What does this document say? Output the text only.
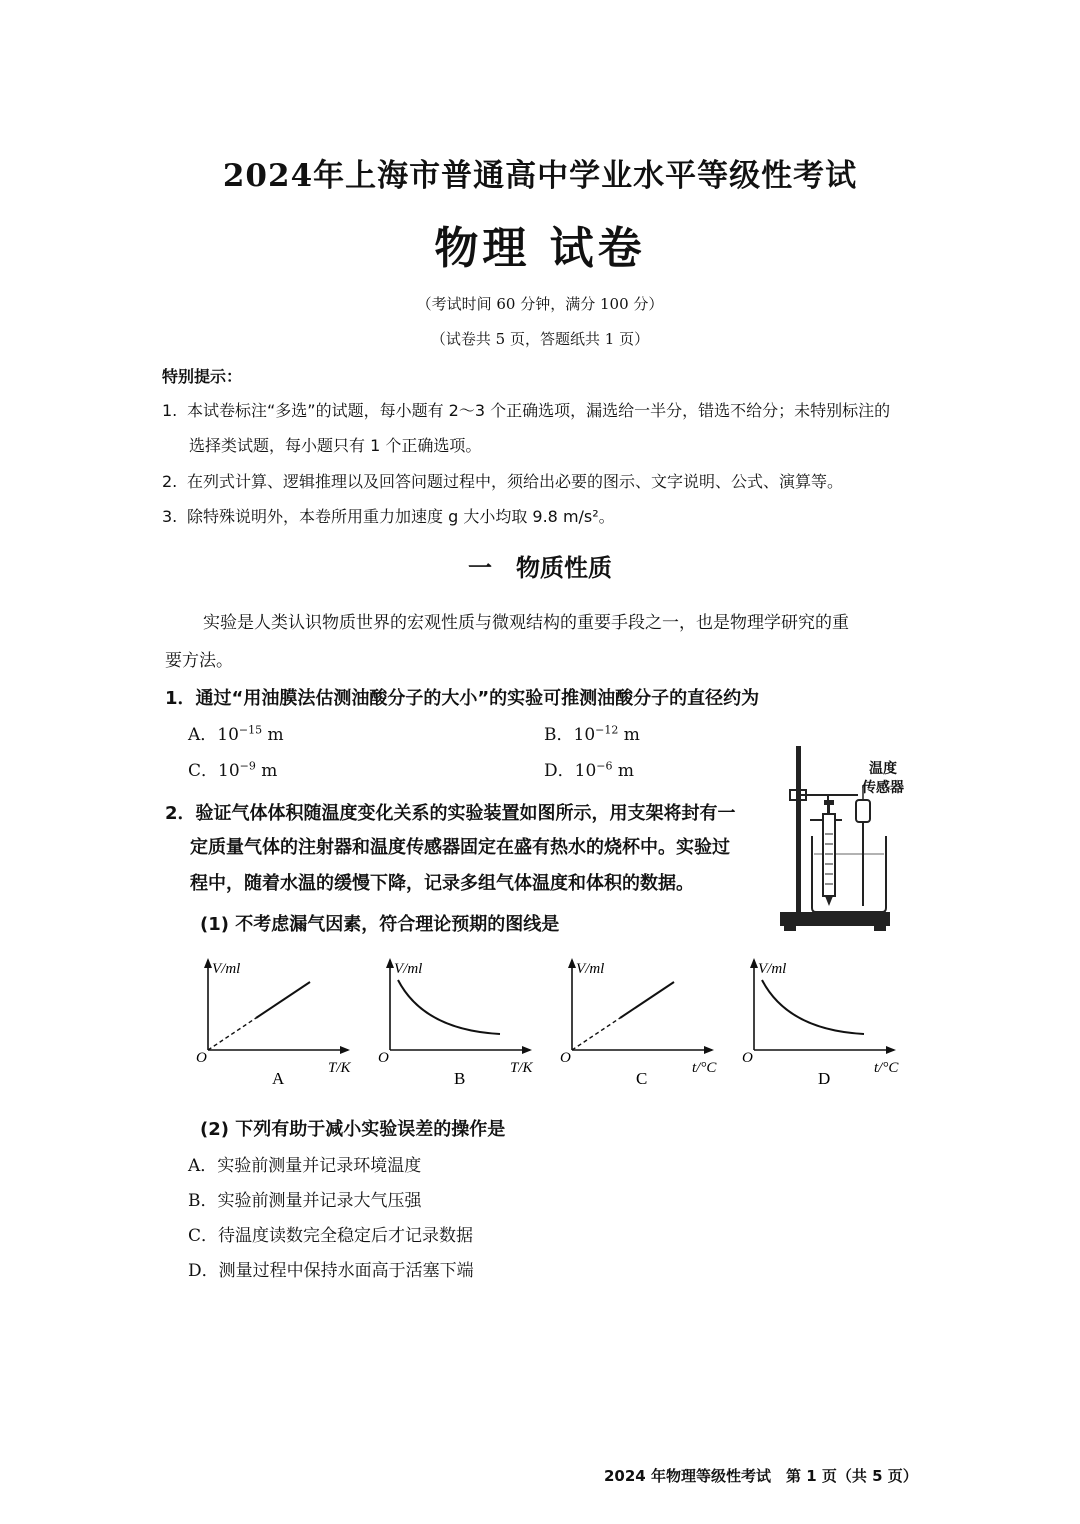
2024年上海市普通高中学业水平等级性考试
物理 试卷
（考试时间 60 分钟，满分 100 分）
（试卷共 5 页，答题纸共 1 页）
特别提示：
1. 本试卷标注“多选”的试题，每小题有 2～3 个正确选项，漏选给一半分，错选不给分；未特别标注的
选择类试题，每小题只有 1 个正确选项。
2. 在列式计算、逻辑推理以及回答问题过程中，须给出必要的图示、文字说明、公式、演算等。
3. 除特殊说明外，本卷所用重力加速度 g 大小均取 9.8 m/s²。
一　物质性质
实验是人类认识物质世界的宏观性质与微观结构的重要手段之一，也是物理学研究的重
要方法。
1．通过“用油膜法估测油酸分子的大小”的实验可推测油酸分子的直径约为
A．$10^{-15}$ m	B．$10^{-12}$ m
C．$10^{-9}$ m	D．$10^{-6}$ m
2．验证气体体积随温度变化关系的实验装置如图所示，用支架将封有一
定质量气体的注射器和温度传感器固定在盛有热水的烧杯中。实验过
程中，随着水温的缓慢下降，记录多组气体温度和体积的数据。
温度
传感器
(1) 不考虑漏气因素，符合理论预期的图线是
V/ml
O
T/K
A
V/ml
O
T/K
B
V/ml
O
t/°C
C
V/ml
O
t/°C
D
(2) 下列有助于减小实验误差的操作是
A．实验前测量并记录环境温度
B．实验前测量并记录大气压强
C．待温度读数完全稳定后才记录数据
D．测量过程中保持水面高于活塞下端
2024 年物理等级性考试　第 1 页（共 5 页）
